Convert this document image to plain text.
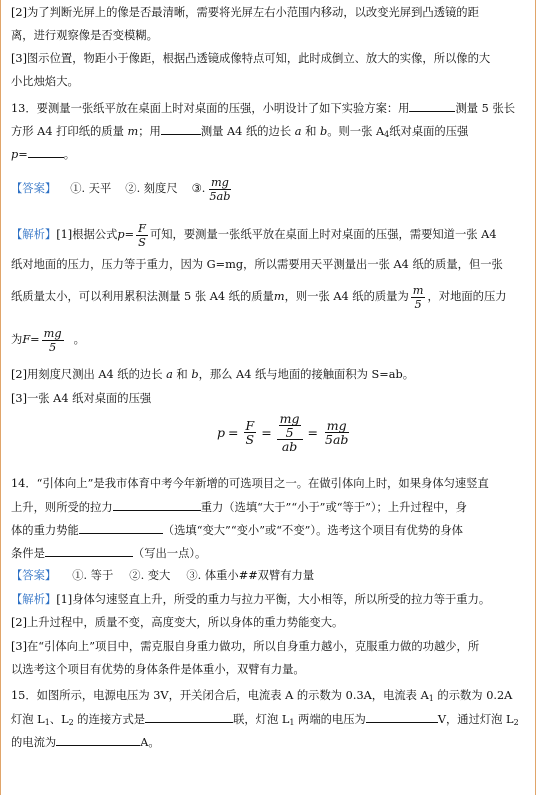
[2]为了判断光屏上的像是否最清晰，需要将光屏左右小范围内移动，以改变光屏到凸透镜的距
离，进行观察像是否变模糊。
[3]图示位置，物距小于像距，根据凸透镜成像特点可知，此时成倒立、放大的实像，所以像的大
小比烛焰大。
13．要测量一张纸平放在桌面上时对桌面的压强，小明设计了如下实验方案：用	测量 5 张长
方形 A4 打印纸的质量 m；用	测量 A4 纸的边长 a 和 b。则一张 $A_4$纸对桌面的压强
p=	。
【答案】 ①. 天平 ②. 刻度尺 ③. $\frac{mg}{5ab}$
【解析】 [1]根据公式 $p = \frac{F}{S}$ 可知，要测量一张纸平放在桌面上时对桌面的压强，需要知道一张 A4
纸对地面的压力，压力等于重力，因为 G=mg，所以需要用天平测量出一张 A4 纸的质量，但一张
纸质量太小，可以利用累积法测量 5 张 A4 纸的质量 m ，则一张 A4 纸的质量为 $\frac{m}{5}$ ，对地面的压力
为 $F = \frac{mg}{5}$ 。
[2]用刻度尺测出 A4 纸的边长 a 和 b，那么 A4 纸与地面的接触面积为 S=ab。
[3]一张 A4 纸对桌面的压强
$p = \frac{F}{S} = \frac{\frac{mg}{5}}{ab} = \frac{mg}{5ab}$
14．“引体向上”是我市体育中考今年新增的可选项目之一。在做引体向上时，如果身体匀速竖直
上升，则所受的拉力	重力（选填“大于”“小于”或“等于”）；上升过程中，身
体的重力势能	（选填“变大”“变小”或“不变”）。选考这个项目有优势的身体
条件是	（写出一点）。
【答案】 ①. 等于 ②. 变大 ③. 体重小##双臂有力量
【解析】[1]身体匀速竖直上升，所受的重力与拉力平衡，大小相等，所以所受的拉力等于重力。
[2]上升过程中，质量不变，高度变大，所以身体的重力势能变大。
[3]在“引体向上”项目中，需克服自身重力做功，所以自身重力越小，克服重力做的功越少，所
以选考这个项目有优势的身体条件是体重小，双臂有力量。
15．如图所示，电源电压为 3V，开关闭合后，电流表 A 的示数为 0.3A，电流表 $A_1$ 的示数为 0.2A
灯泡 $L_1$、$L_2$ 的连接方式是	联，灯泡 $L_1$ 两端的电压为	V，通过灯泡 $L_2$
的电流为	A。
